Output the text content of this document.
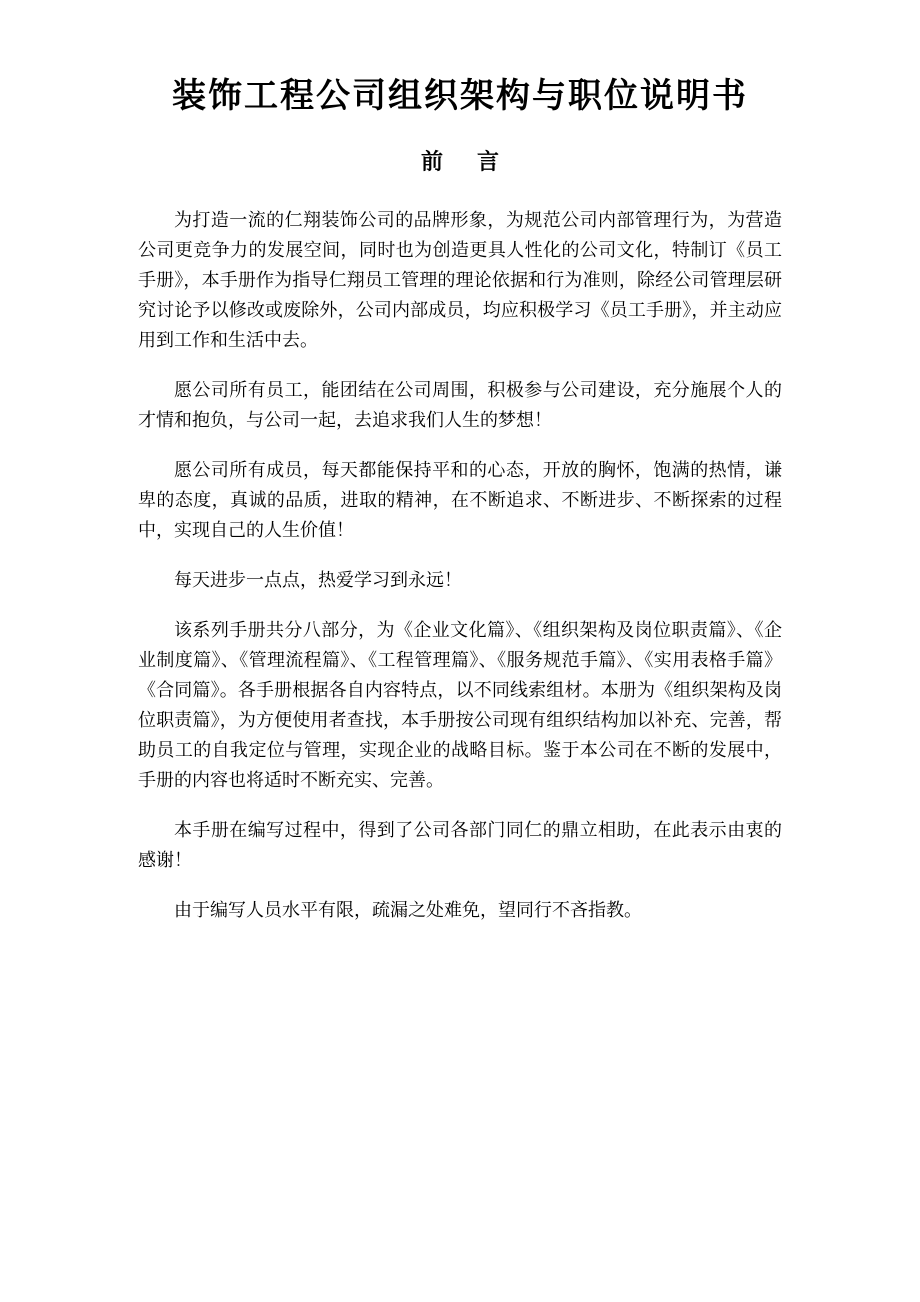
装饰工程公司组织架构与职位说明书
前 言

为打造一流的仁翔装饰公司的品牌形象，为规范公司内部管理行为，为营造公司更竞争力的发展空间，同时也为创造更具人性化的公司文化，特制订《员工手册》，本手册作为指导仁翔员工管理的理论依据和行为准则，除经公司管理层研究讨论予以修改或废除外，公司内部成员，均应积极学习《员工手册》，并主动应用到工作和生活中去。

愿公司所有员工，能团结在公司周围，积极参与公司建设，充分施展个人的才情和抱负，与公司一起，去追求我们人生的梦想！

愿公司所有成员，每天都能保持平和的心态，开放的胸怀，饱满的热情，谦卑的态度，真诚的品质，进取的精神，在不断追求、不断进步、不断探索的过程中，实现自己的人生价值！

每天进步一点点，热爱学习到永远！

该系列手册共分八部分，为《企业文化篇》、《组织架构及岗位职责篇》、《企业制度篇》、《管理流程篇》、《工程管理篇》、《服务规范手篇》、《实用表格手篇》《合同篇》。各手册根据各自内容特点，以不同线索组材。本册为《组织架构及岗位职责篇》，为方便使用者查找，本手册按公司现有组织结构加以补充、完善，帮助员工的自我定位与管理，实现企业的战略目标。鉴于本公司在不断的发展中，手册的内容也将适时不断充实、完善。

本手册在编写过程中，得到了公司各部门同仁的鼎立相助，在此表示由衷的感谢！

由于编写人员水平有限，疏漏之处难免，望同行不吝指教。
